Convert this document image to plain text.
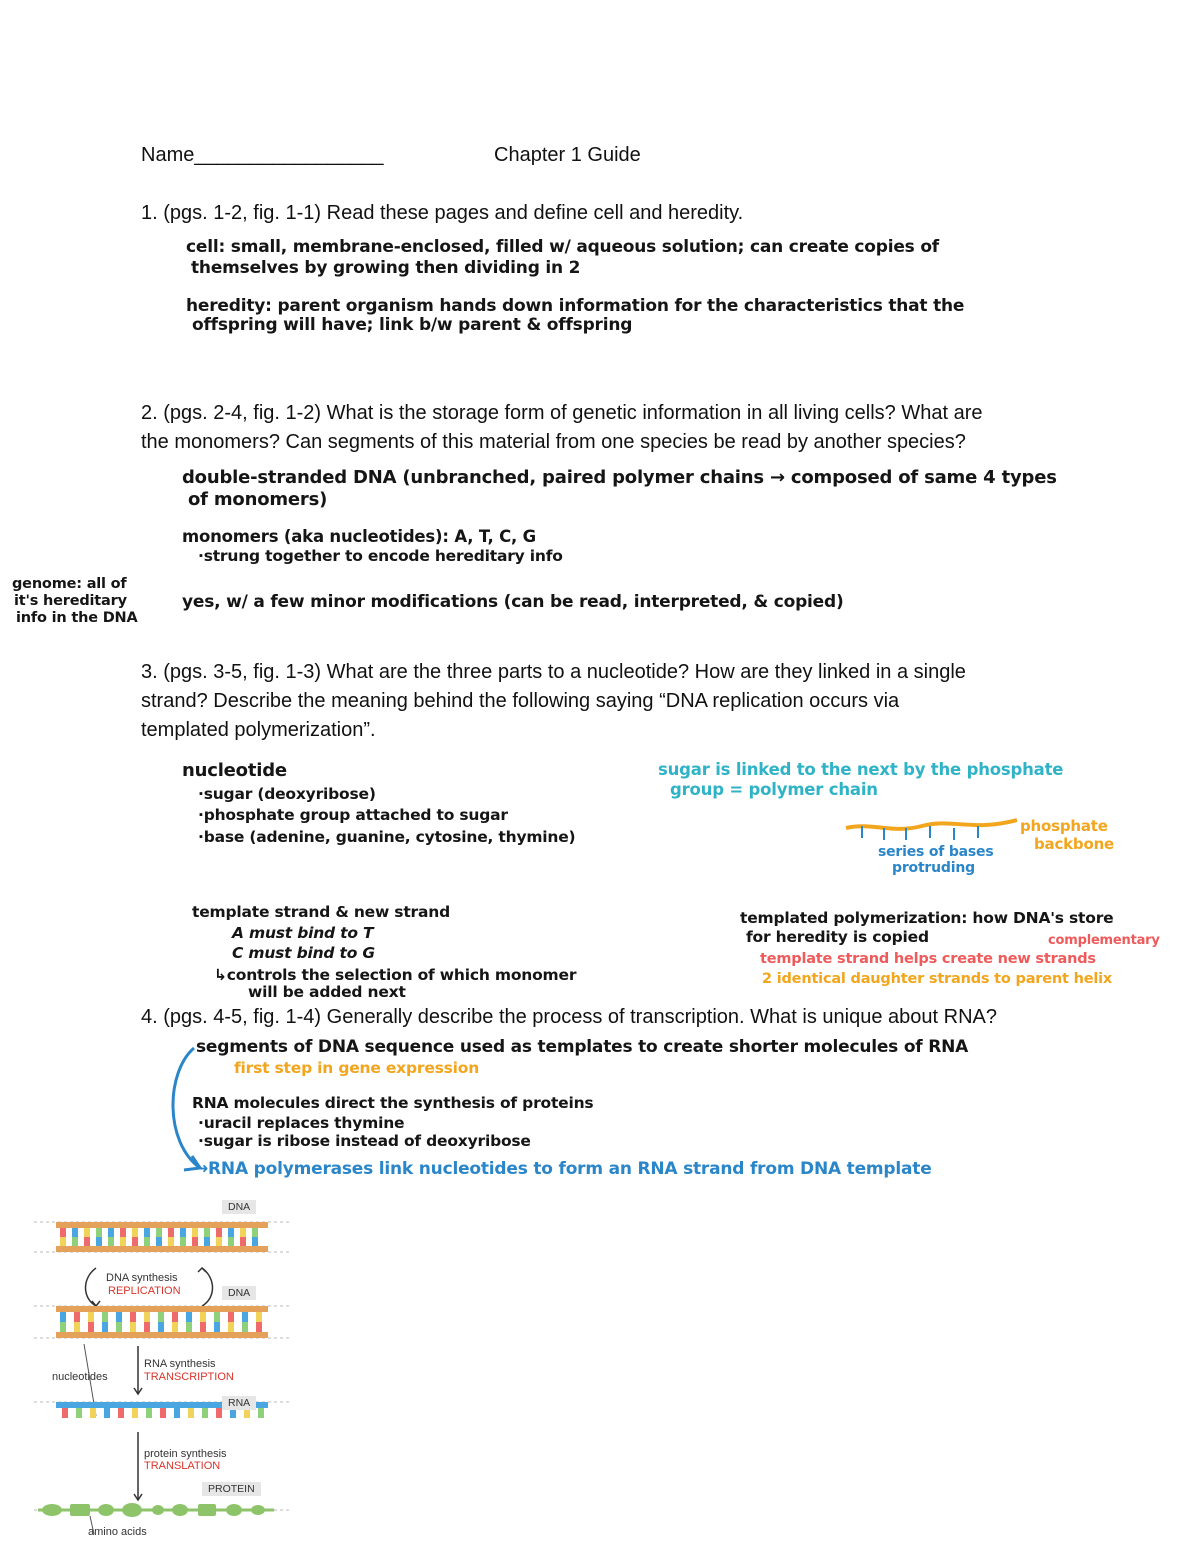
Name_________________	Chapter 1 Guide
1. (pgs. 1-2, fig. 1-1) Read these pages and define cell and heredity.
cell: small, membrane-enclosed, filled w/ aqueous solution; can create copies of
themselves by growing then dividing in 2
heredity: parent organism hands down information for the characteristics that the
offspring will have; link b/w parent & offspring
2. (pgs. 2-4, fig. 1-2) What is the storage form of genetic information in all living cells? What are
the monomers? Can segments of this material from one species be read by another species?
double-stranded DNA (unbranched, paired polymer chains → composed of same 4 types
of monomers)
monomers (aka nucleotides): A, T, C, G
·strung together to encode hereditary info
genome: all of
it's hereditary
info in the DNA
yes, w/ a few minor modifications (can be read, interpreted, & copied)
3. (pgs. 3-5, fig. 1-3) What are the three parts to a nucleotide? How are they linked in a single
strand? Describe the meaning behind the following saying “DNA replication occurs via
templated polymerization”.
nucleotide
·sugar (deoxyribose)
·phosphate group attached to sugar
·base (adenine, guanine, cytosine, thymine)
sugar is linked to the next by the phosphate
group = polymer chain
phosphate
backbone
series of bases
protruding
template strand & new strand
A must bind to T
C must bind to G
↳controls the selection of which monomer
will be added next
templated polymerization: how DNA's store
for heredity is copied	complementary
template strand helps create new strands
2 identical daughter strands to parent helix
4. (pgs. 4-5, fig. 1-4) Generally describe the process of transcription. What is unique about RNA?
segments of DNA sequence used as templates to create shorter molecules of RNA
first step in gene expression
RNA molecules direct the synthesis of proteins
·uracil replaces thymine
·sugar is ribose instead of deoxyribose
→RNA polymerases link nucleotides to form an RNA strand from DNA template
DNA
DNA synthesis
REPLICATION	DNA
nucleotides
RNA synthesis
TRANSCRIPTION
RNA
protein synthesis
TRANSLATION
PROTEIN
amino acids
